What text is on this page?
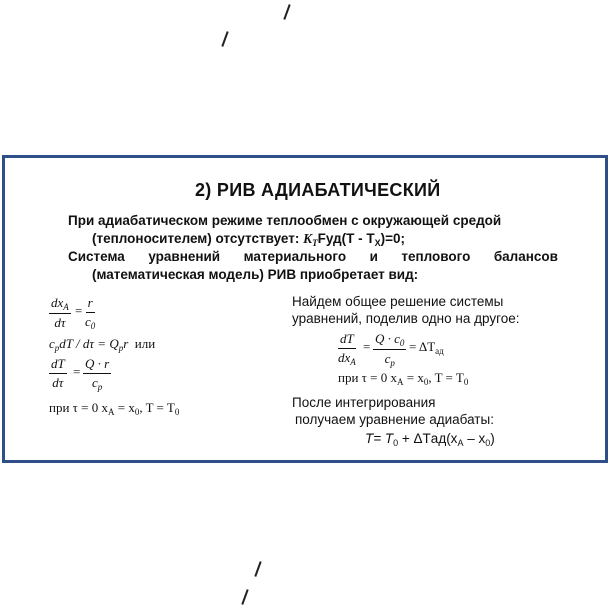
2) РИВ АДИАБАТИЧЕСКИЙ
При адиабатическом режиме теплообмен с окружающей средой
(теплоносителем) отсутствует: $K_TFуд(T - T_X)=0$;
Система уравнений материального и теплового балансов
(математическая модель) РИВ приобретает вид:
$dx_A$
dτ
= $\frac{r}{c_0}$
$c_pdT / d\tau = Q_pr$ или
$\frac{dT}{d\tau} = \frac{Q \cdot r}{c_p}$
при τ = 0 $x_A = x_0$, $T = T_0$
Найдем общее решение системы
уравнений, поделив одно на другое:
dT
$dx_A$
= $\frac{Q \cdot c_0}{c_p} = \Delta T_{ад}$
при τ = 0 $x_A = x_0$, $T = T_0$
После интегрирования
получаем уравнение адиабаты:
$T= T_0 + \Delta Tад(x_A - x_0)$
